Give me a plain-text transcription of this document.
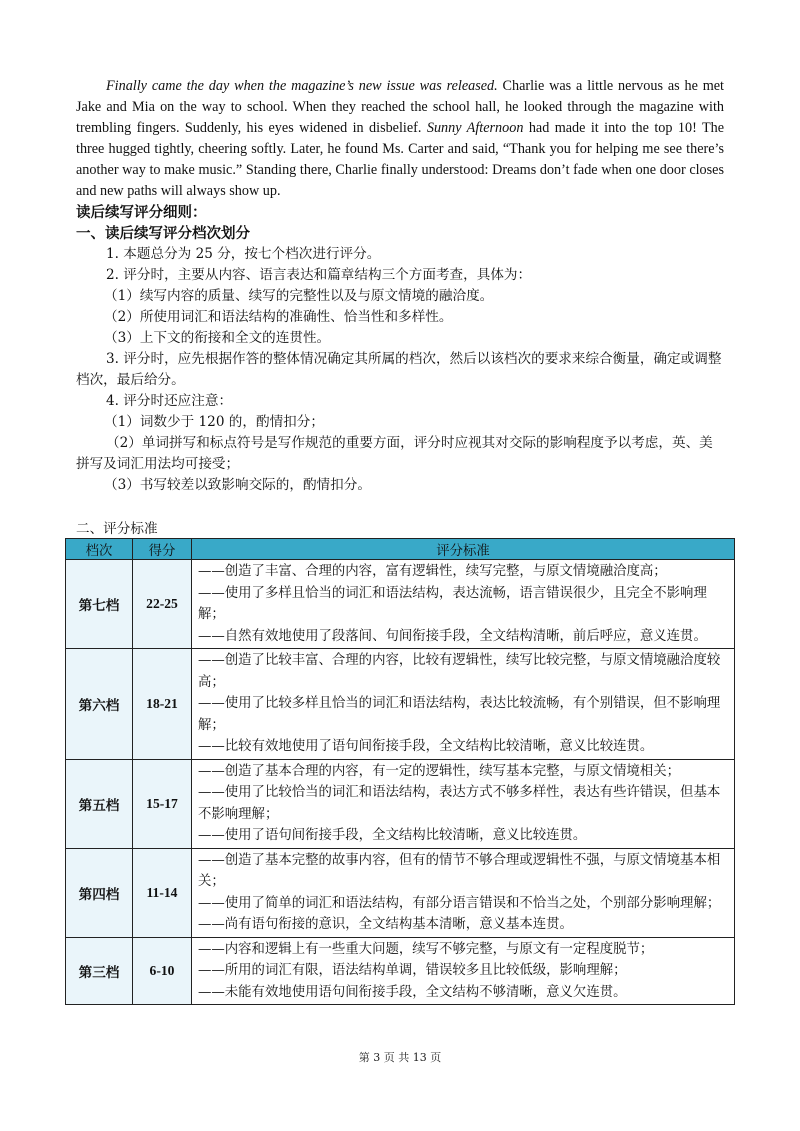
Finally came the day when the magazine’s new issue was released. Charlie was a little nervous as he met Jake and Mia on the way to school. When they reached the school hall, he looked through the magazine with trembling fingers. Suddenly, his eyes widened in disbelief. Sunny Afternoon had made it into the top 10! The three hugged tightly, cheering softly. Later, he found Ms. Carter and said, “Thank you for helping me see there’s another way to make music.” Standing there, Charlie finally understood: Dreams don’t fade when one door closes and new paths will always show up.

读后续写评分细则：

一、读后续写评分档次划分

1. 本题总分为 25 分，按七个档次进行评分。

2. 评分时，主要从内容、语言表达和篇章结构三个方面考查，具体为：

（1）续写内容的质量、续写的完整性以及与原文情境的融洽度。

（2）所使用词汇和语法结构的准确性、恰当性和多样性。

（3）上下文的衔接和全文的连贯性。

3. 评分时，应先根据作答的整体情况确定其所属的档次，然后以该档次的要求来综合衡量，确定或调整档次，最后给分。

4. 评分时还应注意：

（1）词数少于 120 的，酌情扣分；

（2）单词拼写和标点符号是写作规范的重要方面，评分时应视其对交际的影响程度予以考虑，英、美拼写及词汇用法均可接受；

（3）书写较差以致影响交际的，酌情扣分。

二、评分标准

档次	得分	评分标准
第七档	22-25	——创造了丰富、合理的内容，富有逻辑性，续写完整，与原文情境融洽度高；
——使用了多样且恰当的词汇和语法结构，表达流畅，语言错误很少，且完全不影响理解；
——自然有效地使用了段落间、句间衔接手段，全文结构清晰，前后呼应，意义连贯。

第六档	18-21	——创造了比较丰富、合理的内容，比较有逻辑性，续写比较完整，与原文情境融洽度较高；
——使用了比较多样且恰当的词汇和语法结构，表达比较流畅，有个别错误，但不影响理解；
——比较有效地使用了语句间衔接手段，全文结构比较清晰，意义比较连贯。

第五档	15-17	——创造了基本合理的内容，有一定的逻辑性，续写基本完整，与原文情境相关；
——使用了比较恰当的词汇和语法结构，表达方式不够多样性，表达有些许错误，但基本不影响理解；
——使用了语句间衔接手段，全文结构比较清晰，意义比较连贯。

第四档	11-14	——创造了基本完整的故事内容，但有的情节不够合理或逻辑性不强，与原文情境基本相关；
——使用了简单的词汇和语法结构，有部分语言错误和不恰当之处，个别部分影响理解；
——尚有语句衔接的意识，全文结构基本清晰，意义基本连贯。

第三档	6-10	——内容和逻辑上有一些重大问题，续写不够完整，与原文有一定程度脱节；
——所用的词汇有限，语法结构单调，错误较多且比较低级，影响理解；
——未能有效地使用语句间衔接手段，全文结构不够清晰，意义欠连贯。
第 3 页 共 13 页
